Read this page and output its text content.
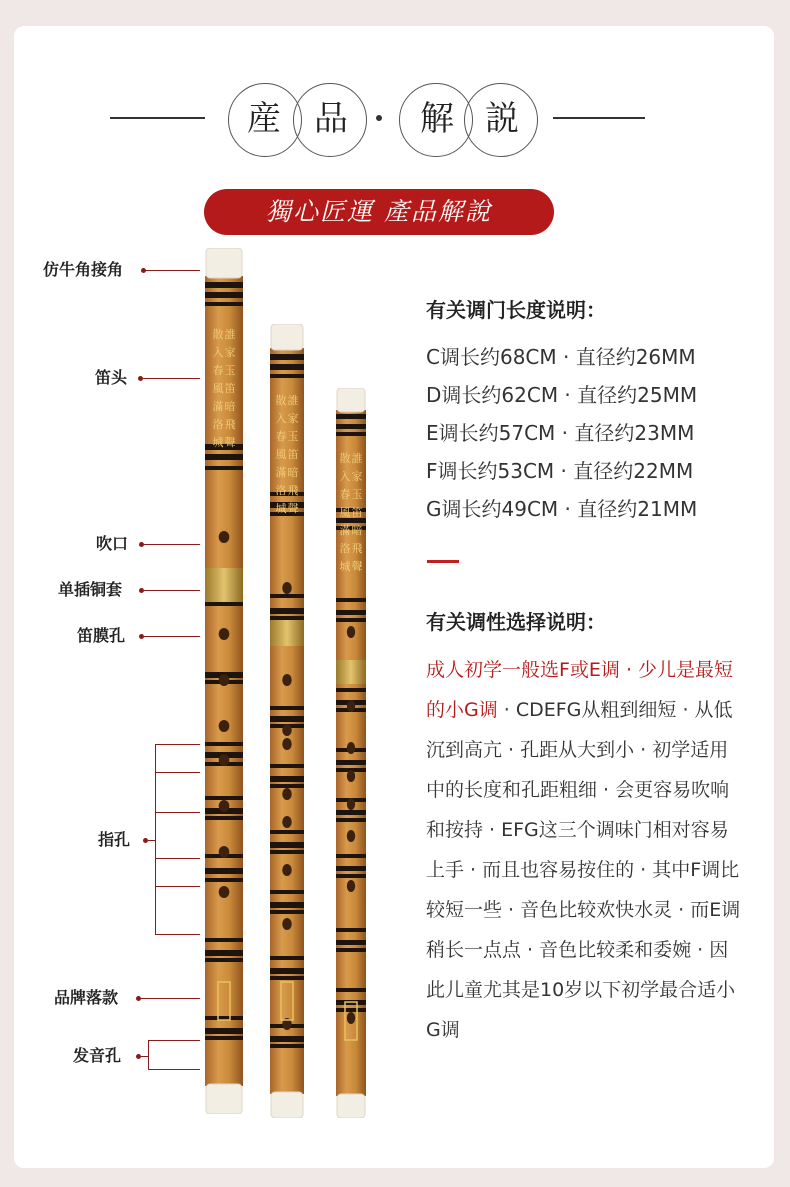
産 品	解 説
獨心匠運 產品解說
仿牛角接角
笛头
吹口
单插铜套
笛膜孔
指孔
品牌落款
发音孔
散
入
春
風
滿
洛
城
誰
家
玉
笛
暗
飛
聲
散
入
春
風
滿
洛
城
誰
家
玉
笛
暗
飛
聲
散
入
春
風
滿
洛
城
誰
家
玉
笛
暗
飛
聲
有关调门长度说明：
C调长约68CM · 直径约26MM
D调长约62CM · 直径约25MM
E调长约57CM · 直径约23MM
F调长约53CM · 直径约22MM
G调长约49CM · 直径约21MM
有关调性选择说明：
成人初学一般选F或E调 · 少儿是最短的小G调 · CDEFG从粗到细短 · 从低沉到高亢 · 孔距从大到小 · 初学适用中的长度和孔距粗细 · 会更容易吹响和按持 · EFG这三个调味门相对容易上手 · 而且也容易按住的 · 其中F调比较短一些 · 音色比较欢快水灵 · 而E调稍长一点点 · 音色比较柔和委婉 · 因此儿童尤其是10岁以下初学最合适小G调
